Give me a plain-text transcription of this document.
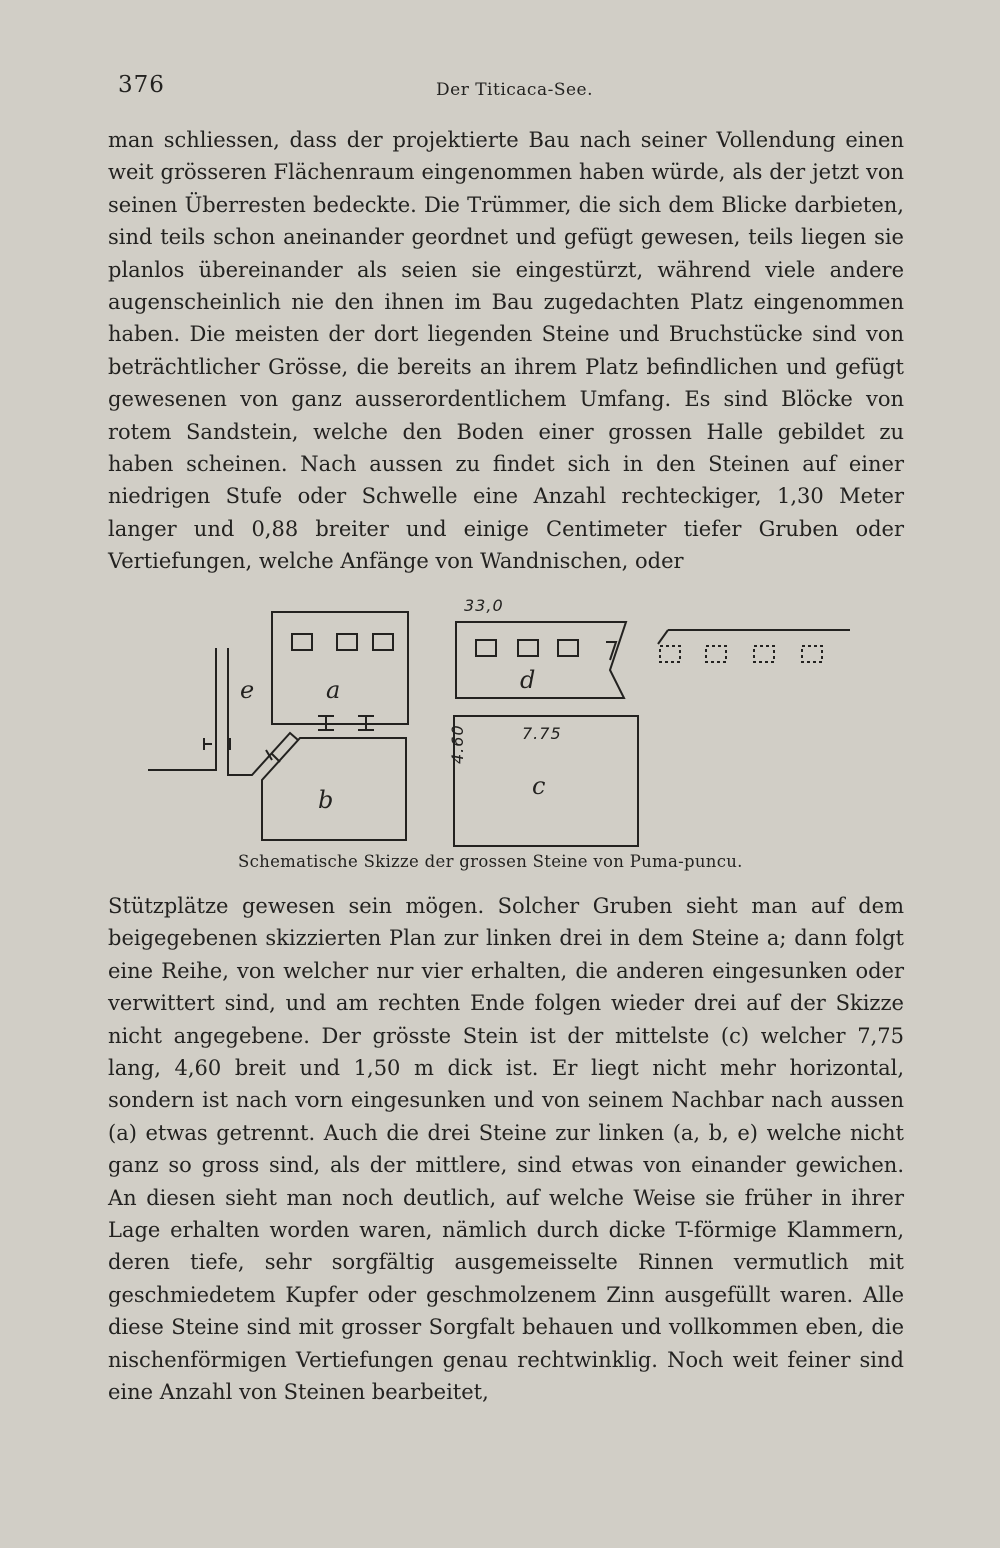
376	Der Titicaca-See.

man schliessen, dass der projektierte Bau nach seiner Vollendung einen weit grösseren Flächenraum eingenommen haben würde, als der jetzt von seinen Überresten bedeckte. Die Trümmer, die sich dem Blicke darbieten, sind teils schon aneinander geordnet und gefügt gewesen, teils liegen sie planlos übereinander als seien sie eingestürzt, während viele andere augenscheinlich nie den ihnen im Bau zugedachten Platz eingenommen haben. Die meisten der dort liegenden Steine und Bruchstücke sind von beträchtlicher Grösse, die bereits an ihrem Platz befindlichen und gefügt gewesenen von ganz ausserordentlichem Umfang. Es sind Blöcke von rotem Sandstein, welche den Boden einer grossen Halle gebildet zu haben scheinen. Nach aussen zu findet sich in den Steinen auf einer niedrigen Stufe oder Schwelle eine Anzahl rechteckiger, 1,30 Meter langer und 0,88 breiter und einige Centimeter tiefer Gruben oder Vertiefungen, welche Anfänge von Wandnischen, oder

33,0
e	a	d
7.75
4.60
c
b
Schematische Skizze der grossen Steine von Puma-puncu.

Stützplätze gewesen sein mögen. Solcher Gruben sieht man auf dem beigegebenen skizzierten Plan zur linken drei in dem Steine a; dann folgt eine Reihe, von welcher nur vier erhalten, die anderen eingesunken oder verwittert sind, und am rechten Ende folgen wieder drei auf der Skizze nicht angegebene. Der grösste Stein ist der mittelste (c) welcher 7,75 lang, 4,60 breit und 1,50 m dick ist. Er liegt nicht mehr horizontal, sondern ist nach vorn eingesunken und von seinem Nachbar nach aussen (a) etwas getrennt. Auch die drei Steine zur linken (a, b, e) welche nicht ganz so gross sind, als der mittlere, sind etwas von einander gewichen. An diesen sieht man noch deutlich, auf welche Weise sie früher in ihrer Lage erhalten worden waren, nämlich durch dicke T-förmige Klammern, deren tiefe, sehr sorgfältig ausgemeisselte Rinnen vermutlich mit geschmiedetem Kupfer oder geschmolzenem Zinn ausgefüllt waren. Alle diese Steine sind mit grosser Sorgfalt behauen und vollkommen eben, die nischenförmigen Vertiefungen genau rechtwinklig. Noch weit feiner sind eine Anzahl von Steinen bearbeitet,
